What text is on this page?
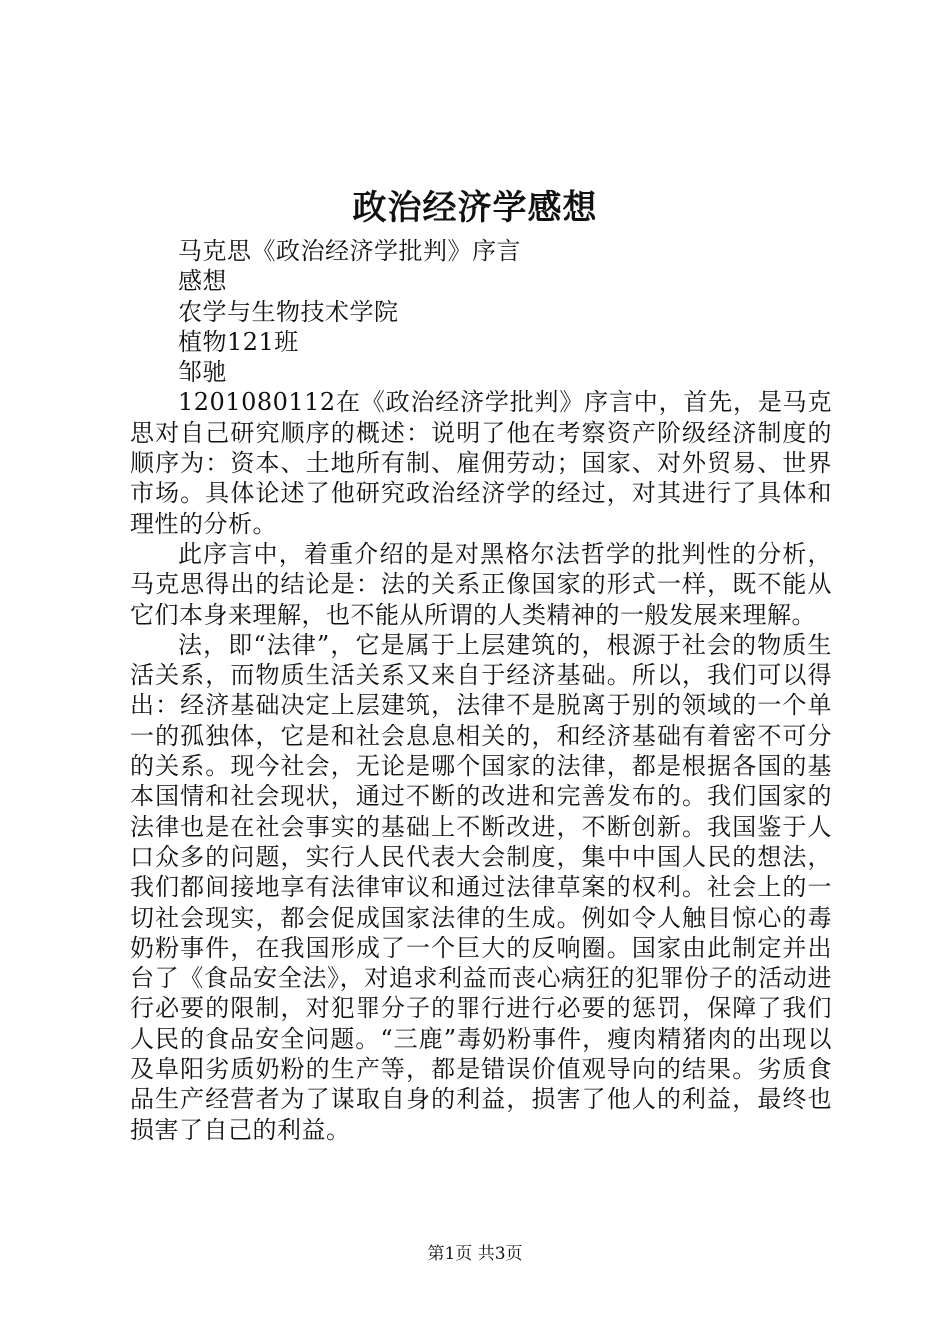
政治经济学感想
马克思《政治经济学批判》序言
感想
农学与生物技术学院
植物121班
邹驰

1201080112在《政治经济学批判》序言中，首先，是马克思对自己研究顺序的概述：说明了他在考察资产阶级经济制度的顺序为：资本、土地所有制、雇佣劳动；国家、对外贸易、世界市场。具体论述了他研究政治经济学的经过，对其进行了具体和理性的分析。

此序言中，着重介绍的是对黑格尔法哲学的批判性的分析，马克思得出的结论是：法的关系正像国家的形式一样，既不能从它们本身来理解，也不能从所谓的人类精神的一般发展来理解。

法，即“法律”，它是属于上层建筑的，根源于社会的物质生活关系，而物质生活关系又来自于经济基础。所以，我们可以得出：经济基础决定上层建筑，法律不是脱离于别的领域的一个单一的孤独体，它是和社会息息相关的，和经济基础有着密不可分的关系。现今社会，无论是哪个国家的法律，都是根据各国的基本国情和社会现状，通过不断的改进和完善发布的。我们国家的法律也是在社会事实的基础上不断改进，不断创新。我国鉴于人口众多的问题，实行人民代表大会制度，集中中国人民的想法，我们都间接地享有法律审议和通过法律草案的权利。社会上的一切社会现实，都会促成国家法律的生成。例如令人触目惊心的毒奶粉事件，在我国形成了一个巨大的反响圈。国家由此制定并出台了《食品安全法》，对追求利益而丧心病狂的犯罪份子的活动进行必要的限制，对犯罪分子的罪行进行必要的惩罚，保障了我们人民的食品安全问题。“三鹿”毒奶粉事件，瘦肉精猪肉的出现以及阜阳劣质奶粉的生产等，都是错误价值观导向的结果。劣质食品生产经营者为了谋取自身的利益，损害了他人的利益，最终也损害了自己的利益。

第1页 共3页
